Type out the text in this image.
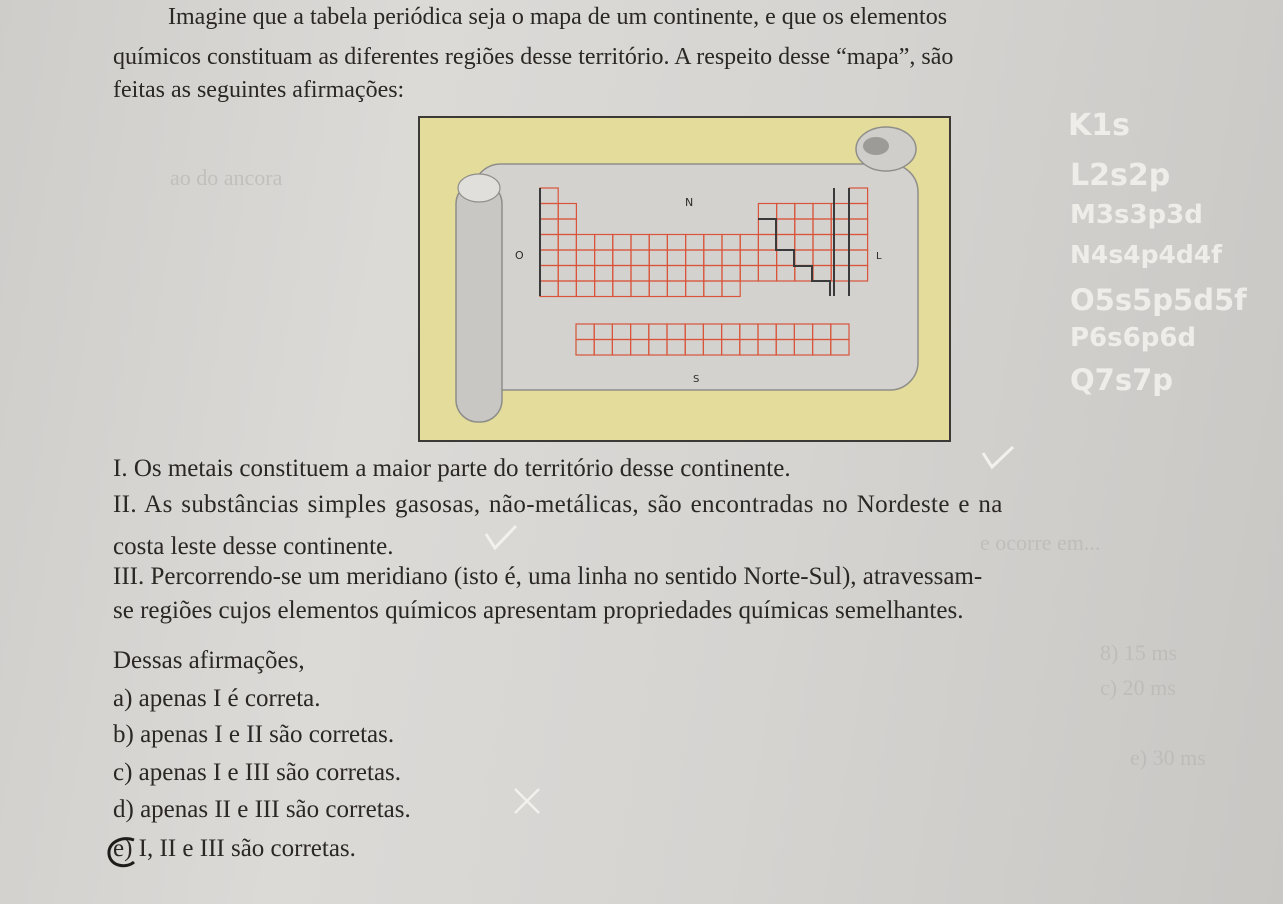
ao do ancora
e ocorre em...
8) 15 ms
c) 20 ms
e) 30 ms
Imagine que a tabela periódica seja o mapa de um continente, e que os elementos
químicos constituam as diferentes regiões desse território. A respeito desse “mapa”, são
feitas as seguintes afirmações:
N
O	L
S
K1s
L2s2p
M3s3p3d
N4s4p4d4f
O5s5p5d5f
P6s6p6d
Q7s7p
I. Os metais constituem a maior parte do território desse continente.
II. As substâncias simples gasosas, não-metálicas, são encontradas no Nordeste e na
costa leste desse continente.
III. Percorrendo-se um meridiano (isto é, uma linha no sentido Norte-Sul), atravessam-
se regiões cujos elementos químicos apresentam propriedades químicas semelhantes.
Dessas afirmações,
a) apenas I é correta.
b) apenas I e II são corretas.
c) apenas I e III são corretas.
d) apenas II e III são corretas.
e) I, II e III são corretas.
